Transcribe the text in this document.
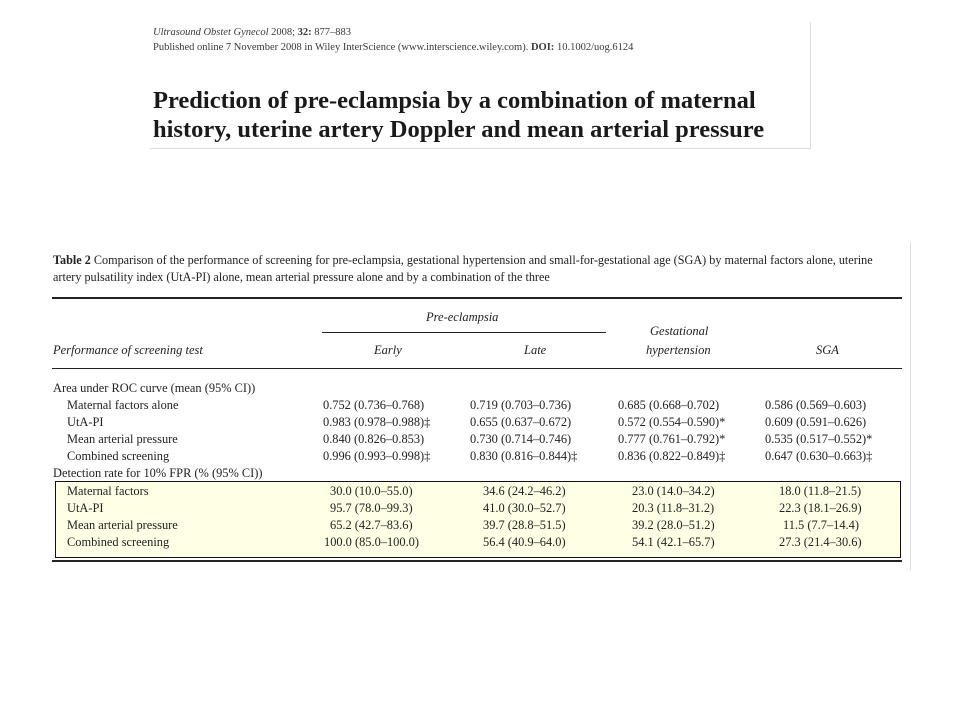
Ultrasound Obstet Gynecol 2008; 32: 877–883
Published online 7 November 2008 in Wiley InterScience (www.interscience.wiley.com). DOI: 10.1002/uog.6124
Prediction of pre-eclampsia by a combination of maternal
history, uterine artery Doppler and mean arterial pressure
Table 2 Comparison of the performance of screening for pre-eclampsia, gestational hypertension and small-for-gestational age (SGA) by maternal factors alone, uterine artery pulsatility index (UtA-PI) alone, mean arterial pressure alone and by a combination of the three
Pre-eclampsia
Gestational
Performance of screening test	Early	Late	hypertension	SGA
Area under ROC curve (mean (95% CI))
Maternal factors alone	0.752 (0.736–0.768)	0.719 (0.703–0.736)	0.685 (0.668–0.702)	0.586 (0.569–0.603)
UtA-PI	0.983 (0.978–0.988)‡	0.655 (0.637–0.672)	0.572 (0.554–0.590)*	0.609 (0.591–0.626)
Mean arterial pressure	0.840 (0.826–0.853)	0.730 (0.714–0.746)	0.777 (0.761–0.792)*	0.535 (0.517–0.552)*
Combined screening	0.996 (0.993–0.998)‡	0.830 (0.816–0.844)‡	0.836 (0.822–0.849)‡	0.647 (0.630–0.663)‡
Detection rate for 10% FPR (% (95% CI))
Maternal factors	30.0 (10.0–55.0)	34.6 (24.2–46.2)	23.0 (14.0–34.2)	18.0 (11.8–21.5)
UtA-PI	95.7 (78.0–99.3)	41.0 (30.0–52.7)	20.3 (11.8–31.2)	22.3 (18.1–26.9)
Mean arterial pressure	65.2 (42.7–83.6)	39.7 (28.8–51.5)	39.2 (28.0–51.2)	11.5 (7.7–14.4)
Combined screening	100.0 (85.0–100.0)	56.4 (40.9–64.0)	54.1 (42.1–65.7)	27.3 (21.4–30.6)
